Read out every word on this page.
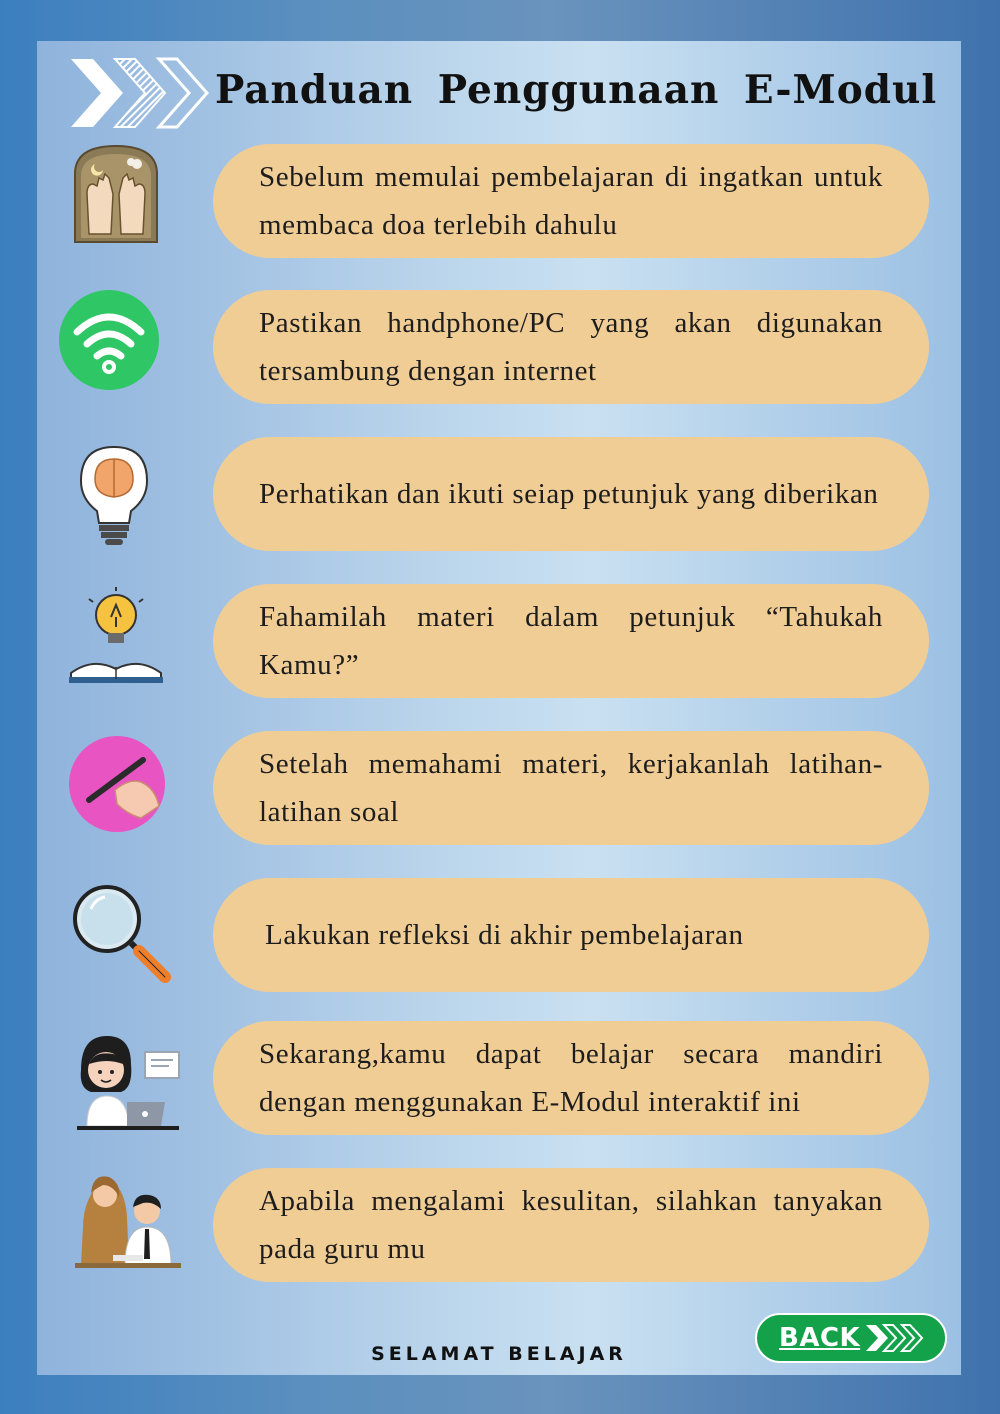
Panduan Penggunaan E-Modul
Sebelum memulai pembelajaran di ingatkan untuk membaca doa terlebih dahulu
Pastikan handphone/PC yang akan digunakan tersambung dengan internet
Perhatikan dan ikuti seiap petunjuk yang diberikan
Fahamilah materi dalam petunjuk “Tahukah Kamu?”
Setelah memahami materi, kerjakanlah latihan-latihan soal
Lakukan refleksi di akhir pembelajaran
Sekarang,kamu dapat belajar secara mandiri dengan menggunakan E-Modul interaktif ini
Apabila mengalami kesulitan, silahkan tanyakan pada guru mu
SELAMAT BELAJAR
BACK
